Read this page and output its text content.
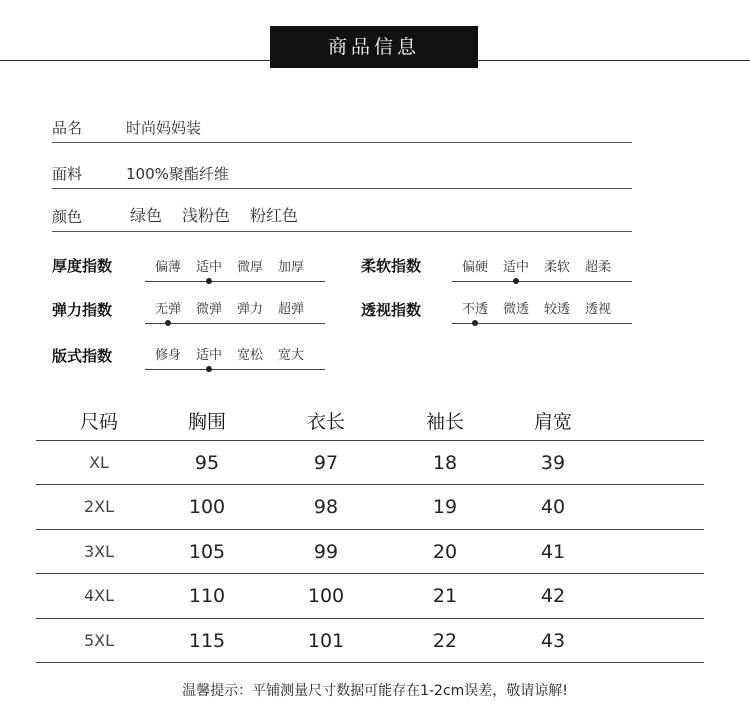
商品信息
品名	时尚妈妈装
面料	100%聚酯纤维
颜色	绿色 浅粉色 粉红色
厚度指数	偏薄 适中 微厚 加厚	柔软指数	偏硬 适中 柔软 超柔
弹力指数	无弹 微弹 弹力 超弹	透视指数	不透 微透 较透 透视
版式指数	修身 适中 宽松 宽大
尺码	胸围	衣长	袖长	肩宽
XL	95	97	18	39
2XL	100	98	19	40
3XL	105	99	20	41
4XL	110	100	21	42
5XL	115	101	22	43
温馨提示：平铺测量尺寸数据可能存在1-2cm误差，敬请谅解!
